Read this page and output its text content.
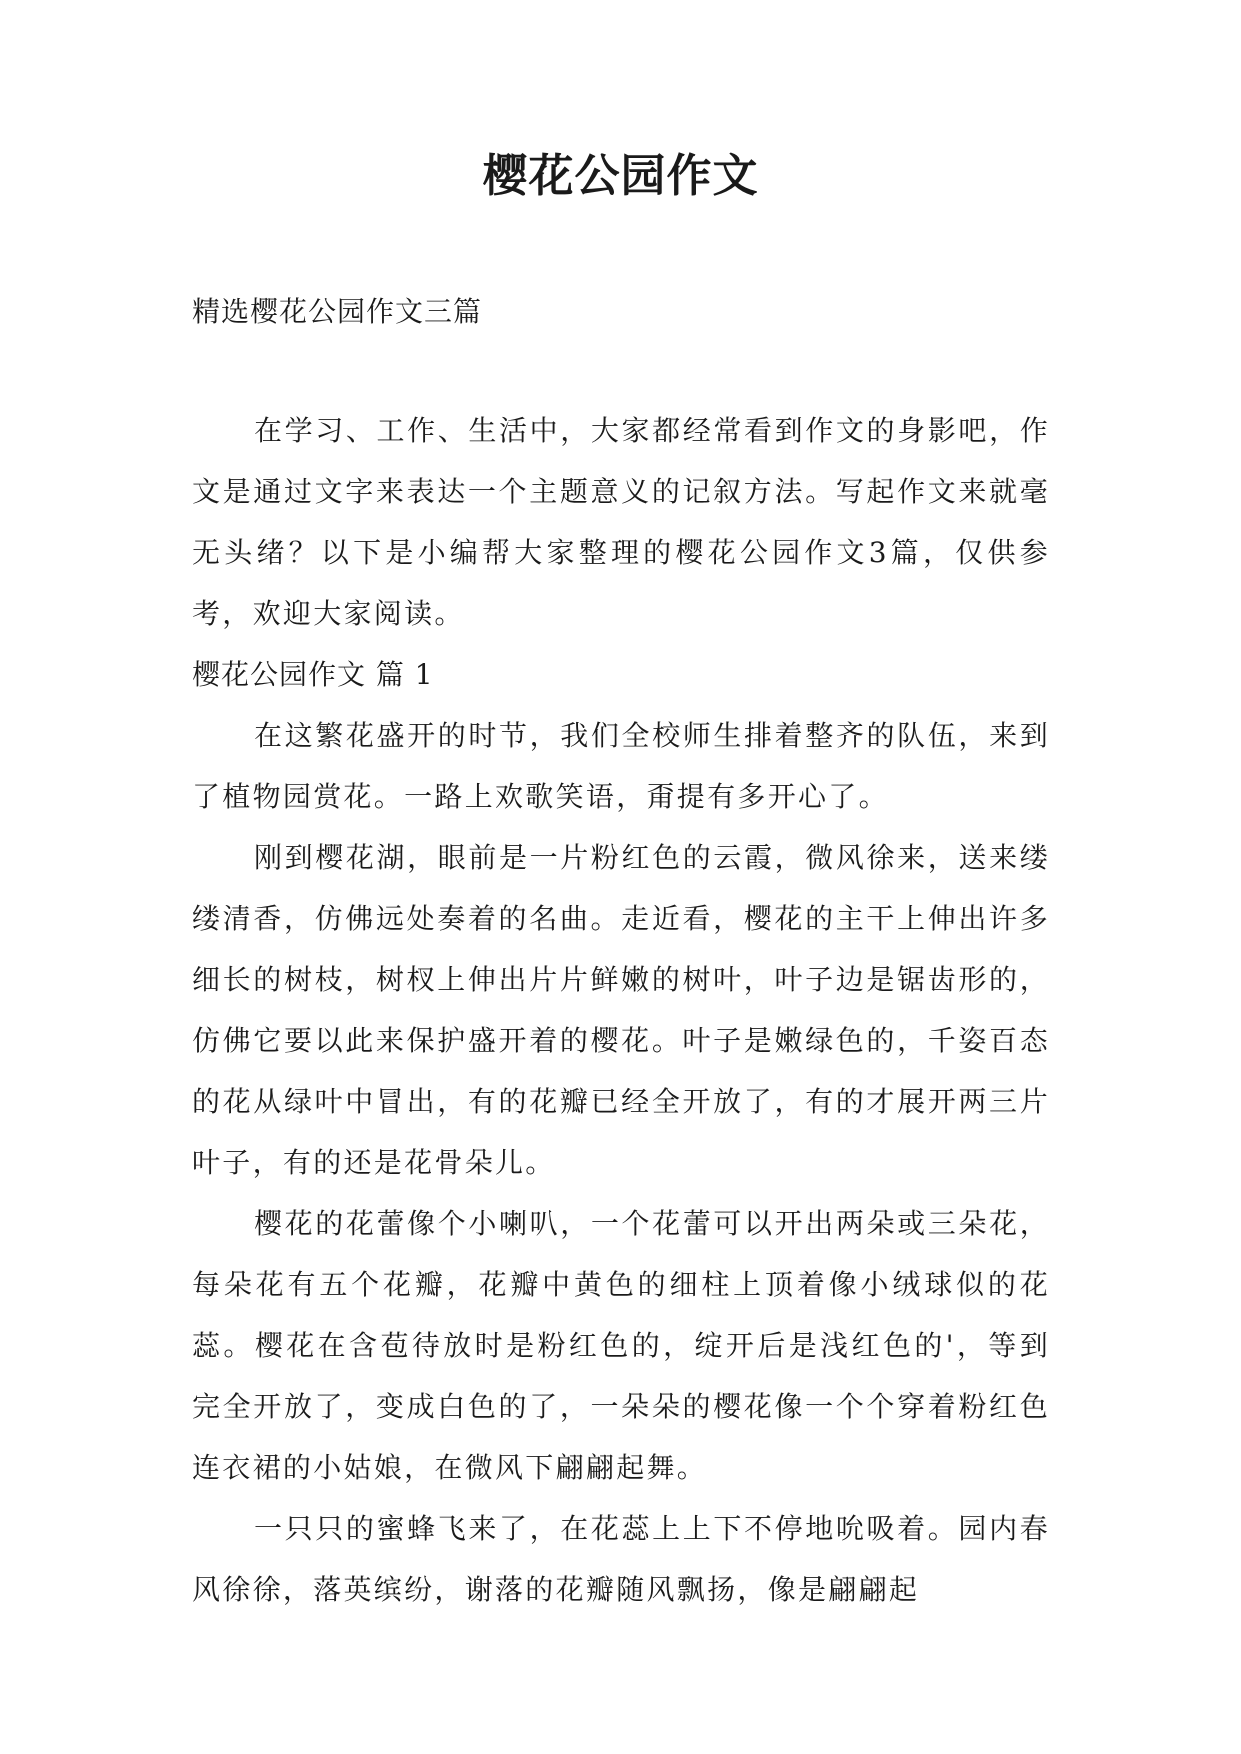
樱花公园作文

精选樱花公园作文三篇

在学习、工作、生活中，大家都经常看到作文的身影吧，作文是通过文字来表达一个主题意义的记叙方法。写起作文来就毫无头绪？以下是小编帮大家整理的樱花公园作文3篇，仅供参考，欢迎大家阅读。

樱花公园作文 篇 1

在这繁花盛开的时节，我们全校师生排着整齐的队伍，来到了植物园赏花。一路上欢歌笑语，甭提有多开心了。

刚到樱花湖，眼前是一片粉红色的云霞，微风徐来，送来缕缕清香，仿佛远处奏着的名曲。走近看，樱花的主干上伸出许多细长的树枝，树杈上伸出片片鲜嫩的树叶，叶子边是锯齿形的，仿佛它要以此来保护盛开着的樱花。叶子是嫩绿色的，千姿百态的花从绿叶中冒出，有的花瓣已经全开放了，有的才展开两三片叶子，有的还是花骨朵儿。

樱花的花蕾像个小喇叭，一个花蕾可以开出两朵或三朵花，每朵花有五个花瓣，花瓣中黄色的细柱上顶着像小绒球似的花蕊。樱花在含苞待放时是粉红色的，绽开后是浅红色的'，等到完全开放了，变成白色的了，一朵朵的樱花像一个个穿着粉红色连衣裙的小姑娘，在微风下翩翩起舞。

一只只的蜜蜂飞来了，在花蕊上上下不停地吮吸着。园内春风徐徐，落英缤纷，谢落的花瓣随风飘扬，像是翩翩起
